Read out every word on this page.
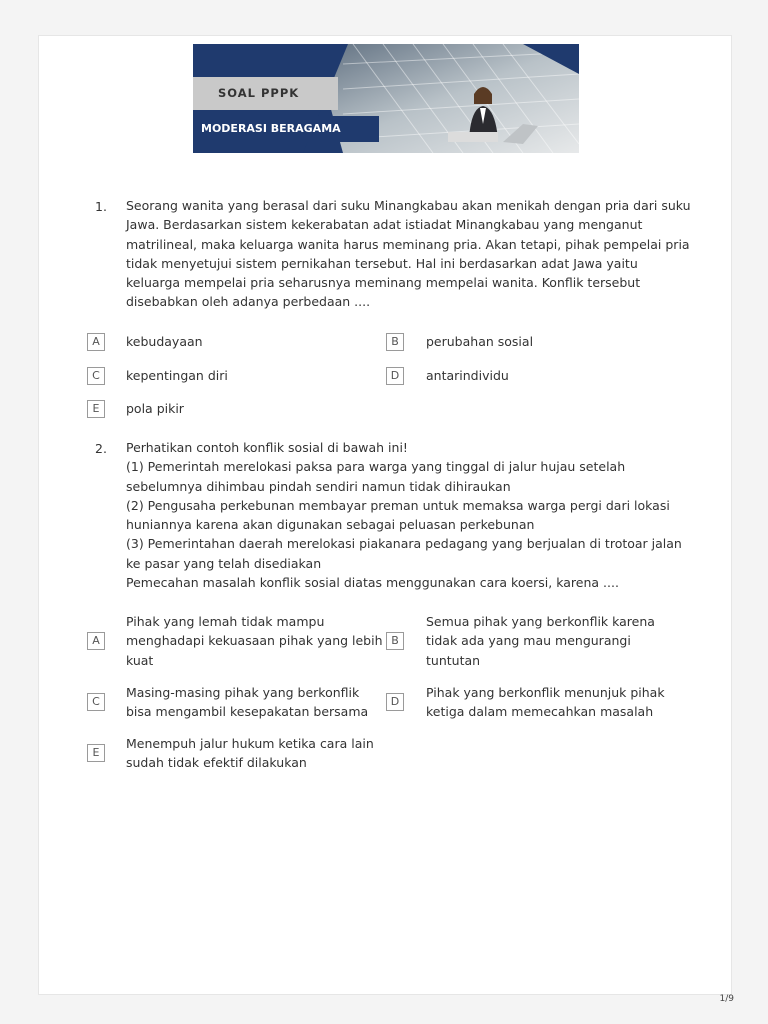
SOAL PPPK
MODERASI BERAGAMA
1. Seorang wanita yang berasal dari suku Minangkabau akan menikah dengan pria dari suku Jawa. Berdasarkan sistem kekerabatan adat istiadat Minangkabau yang menganut matrilineal, maka keluarga wanita harus meminang pria. Akan tetapi, pihak pempelai pria tidak menyetujui sistem pernikahan tersebut. Hal ini berdasarkan adat Jawa yaitu keluarga mempelai pria seharusnya meminang mempelai wanita. Konflik tersebut disebabkan oleh adanya perbedaan ....
A	kebudayaan	B	perubahan sosial
C	kepentingan diri	D	antarindividu
E	pola pikir
2. Perhatikan contoh konflik sosial di bawah ini!

(1) Pemerintah merelokasi paksa para warga yang tinggal di jalur hujau setelah sebelumnya dihimbau pindah sendiri namun tidak dihiraukan

(2) Pengusaha perkebunan membayar preman untuk memaksa warga pergi dari lokasi huniannya karena akan digunakan sebagai peluasan perkebunan

(3) Pemerintahan daerah merelokasi piakanara pedagang yang berjualan di trotoar jalan ke pasar yang telah disediakan

Pemecahan masalah konflik sosial diatas menggunakan cara koersi, karena ....

A
Pihak yang lemah tidak mampu menghadapi kekuasaan pihak yang lebih kuat
B
Semua pihak yang berkonflik karena tidak ada yang mau mengurangi tuntutan
C
Masing-masing pihak yang berkonflik bisa mengambil kesepakatan bersama
D
Pihak yang berkonflik menunjuk pihak ketiga dalam memecahkan masalah
E
Menempuh jalur hukum ketika cara lain sudah tidak efektif dilakukan
1/9
